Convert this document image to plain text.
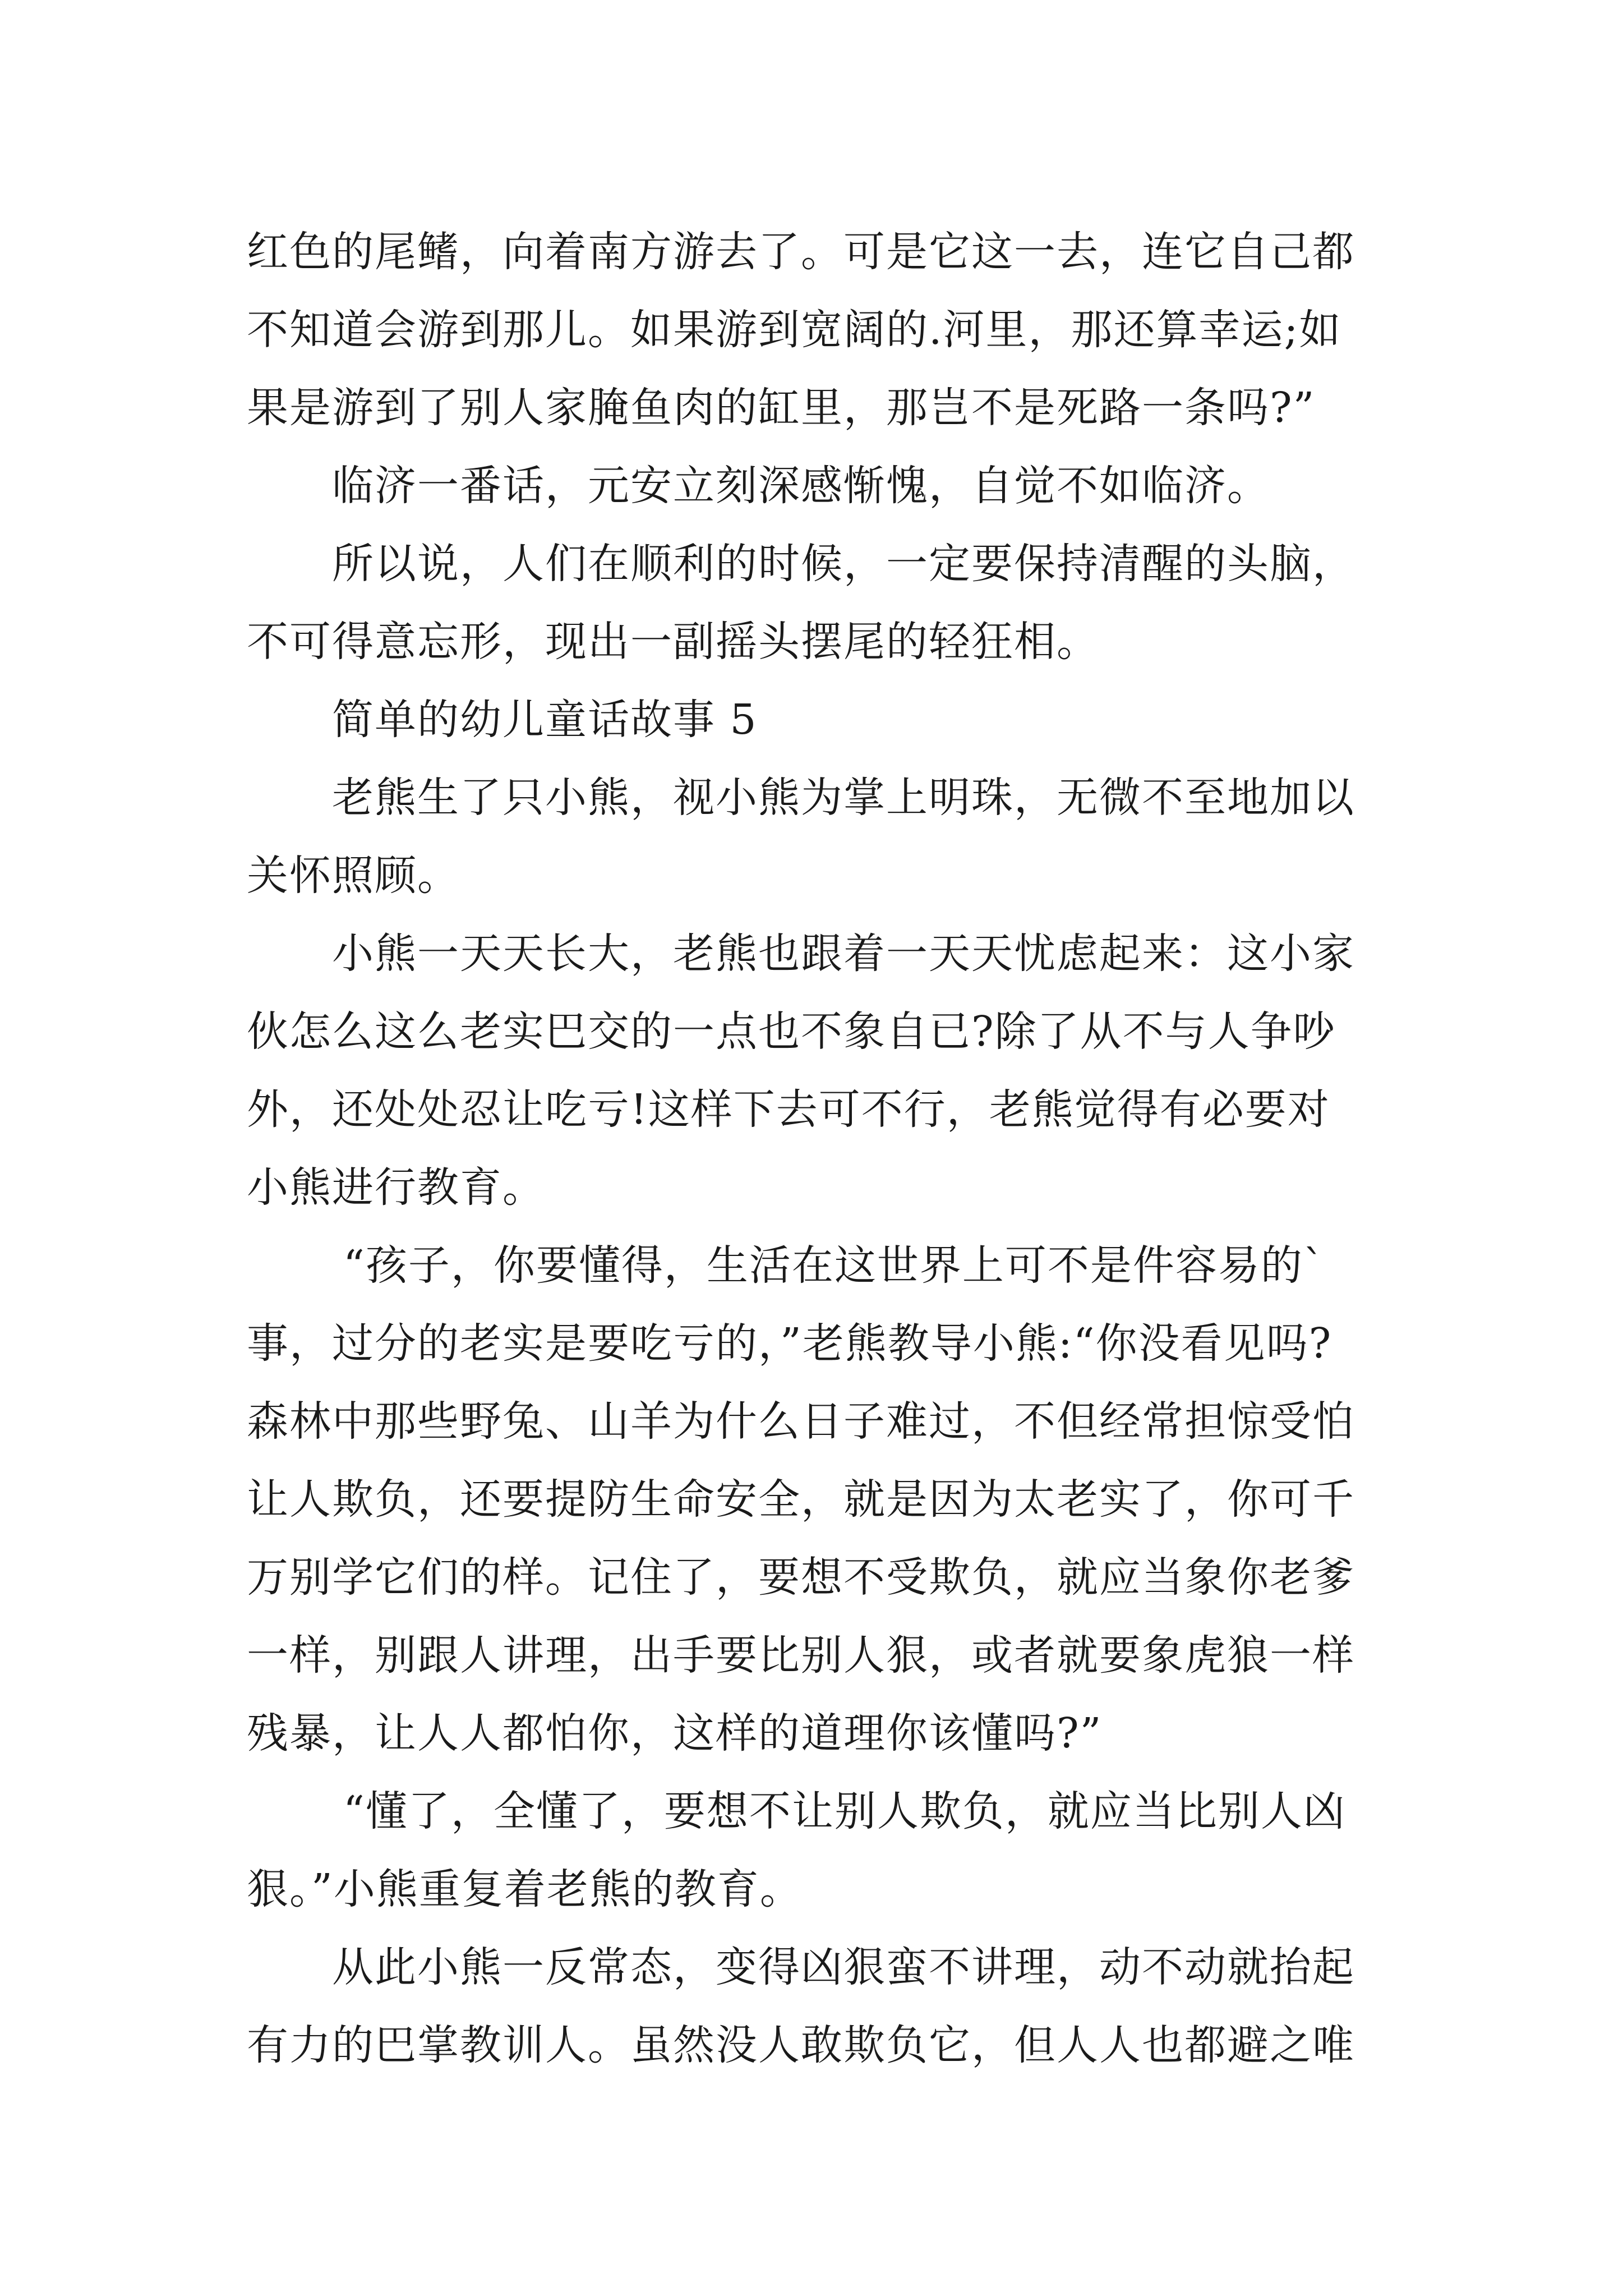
红色的尾鳍，向着南方游去了。可是它这一去，连它自己都
不知道会游到那儿。如果游到宽阔的.河里，那还算幸运;如
果是游到了别人家腌鱼肉的缸里，那岂不是死路一条吗?”
临济一番话，元安立刻深感惭愧，自觉不如临济。
所以说，人们在顺利的时候，一定要保持清醒的头脑，
不可得意忘形，现出一副摇头摆尾的轻狂相。
简单的幼儿童话故事 5
老熊生了只小熊，视小熊为掌上明珠，无微不至地加以
关怀照顾。
小熊一天天长大，老熊也跟着一天天忧虑起来：这小家
伙怎么这么老实巴交的一点也不象自已?除了从不与人争吵
外，还处处忍让吃亏!这样下去可不行，老熊觉得有必要对
小熊进行教育。
“孩子，你要懂得，生活在这世界上可不是件容易的`
事，过分的老实是要吃亏的，”老熊教导小熊:“你没看见吗?
森林中那些野兔、山羊为什么日子难过，不但经常担惊受怕
让人欺负，还要提防生命安全，就是因为太老实了，你可千
万别学它们的样。记住了，要想不受欺负，就应当象你老爹
一样，别跟人讲理，出手要比别人狠，或者就要象虎狼一样
残暴，让人人都怕你，这样的道理你该懂吗?”
“懂了，全懂了，要想不让别人欺负，就应当比别人凶
狠。”小熊重复着老熊的教育。
从此小熊一反常态，变得凶狠蛮不讲理，动不动就抬起
有力的巴掌教训人。虽然没人敢欺负它，但人人也都避之唯
